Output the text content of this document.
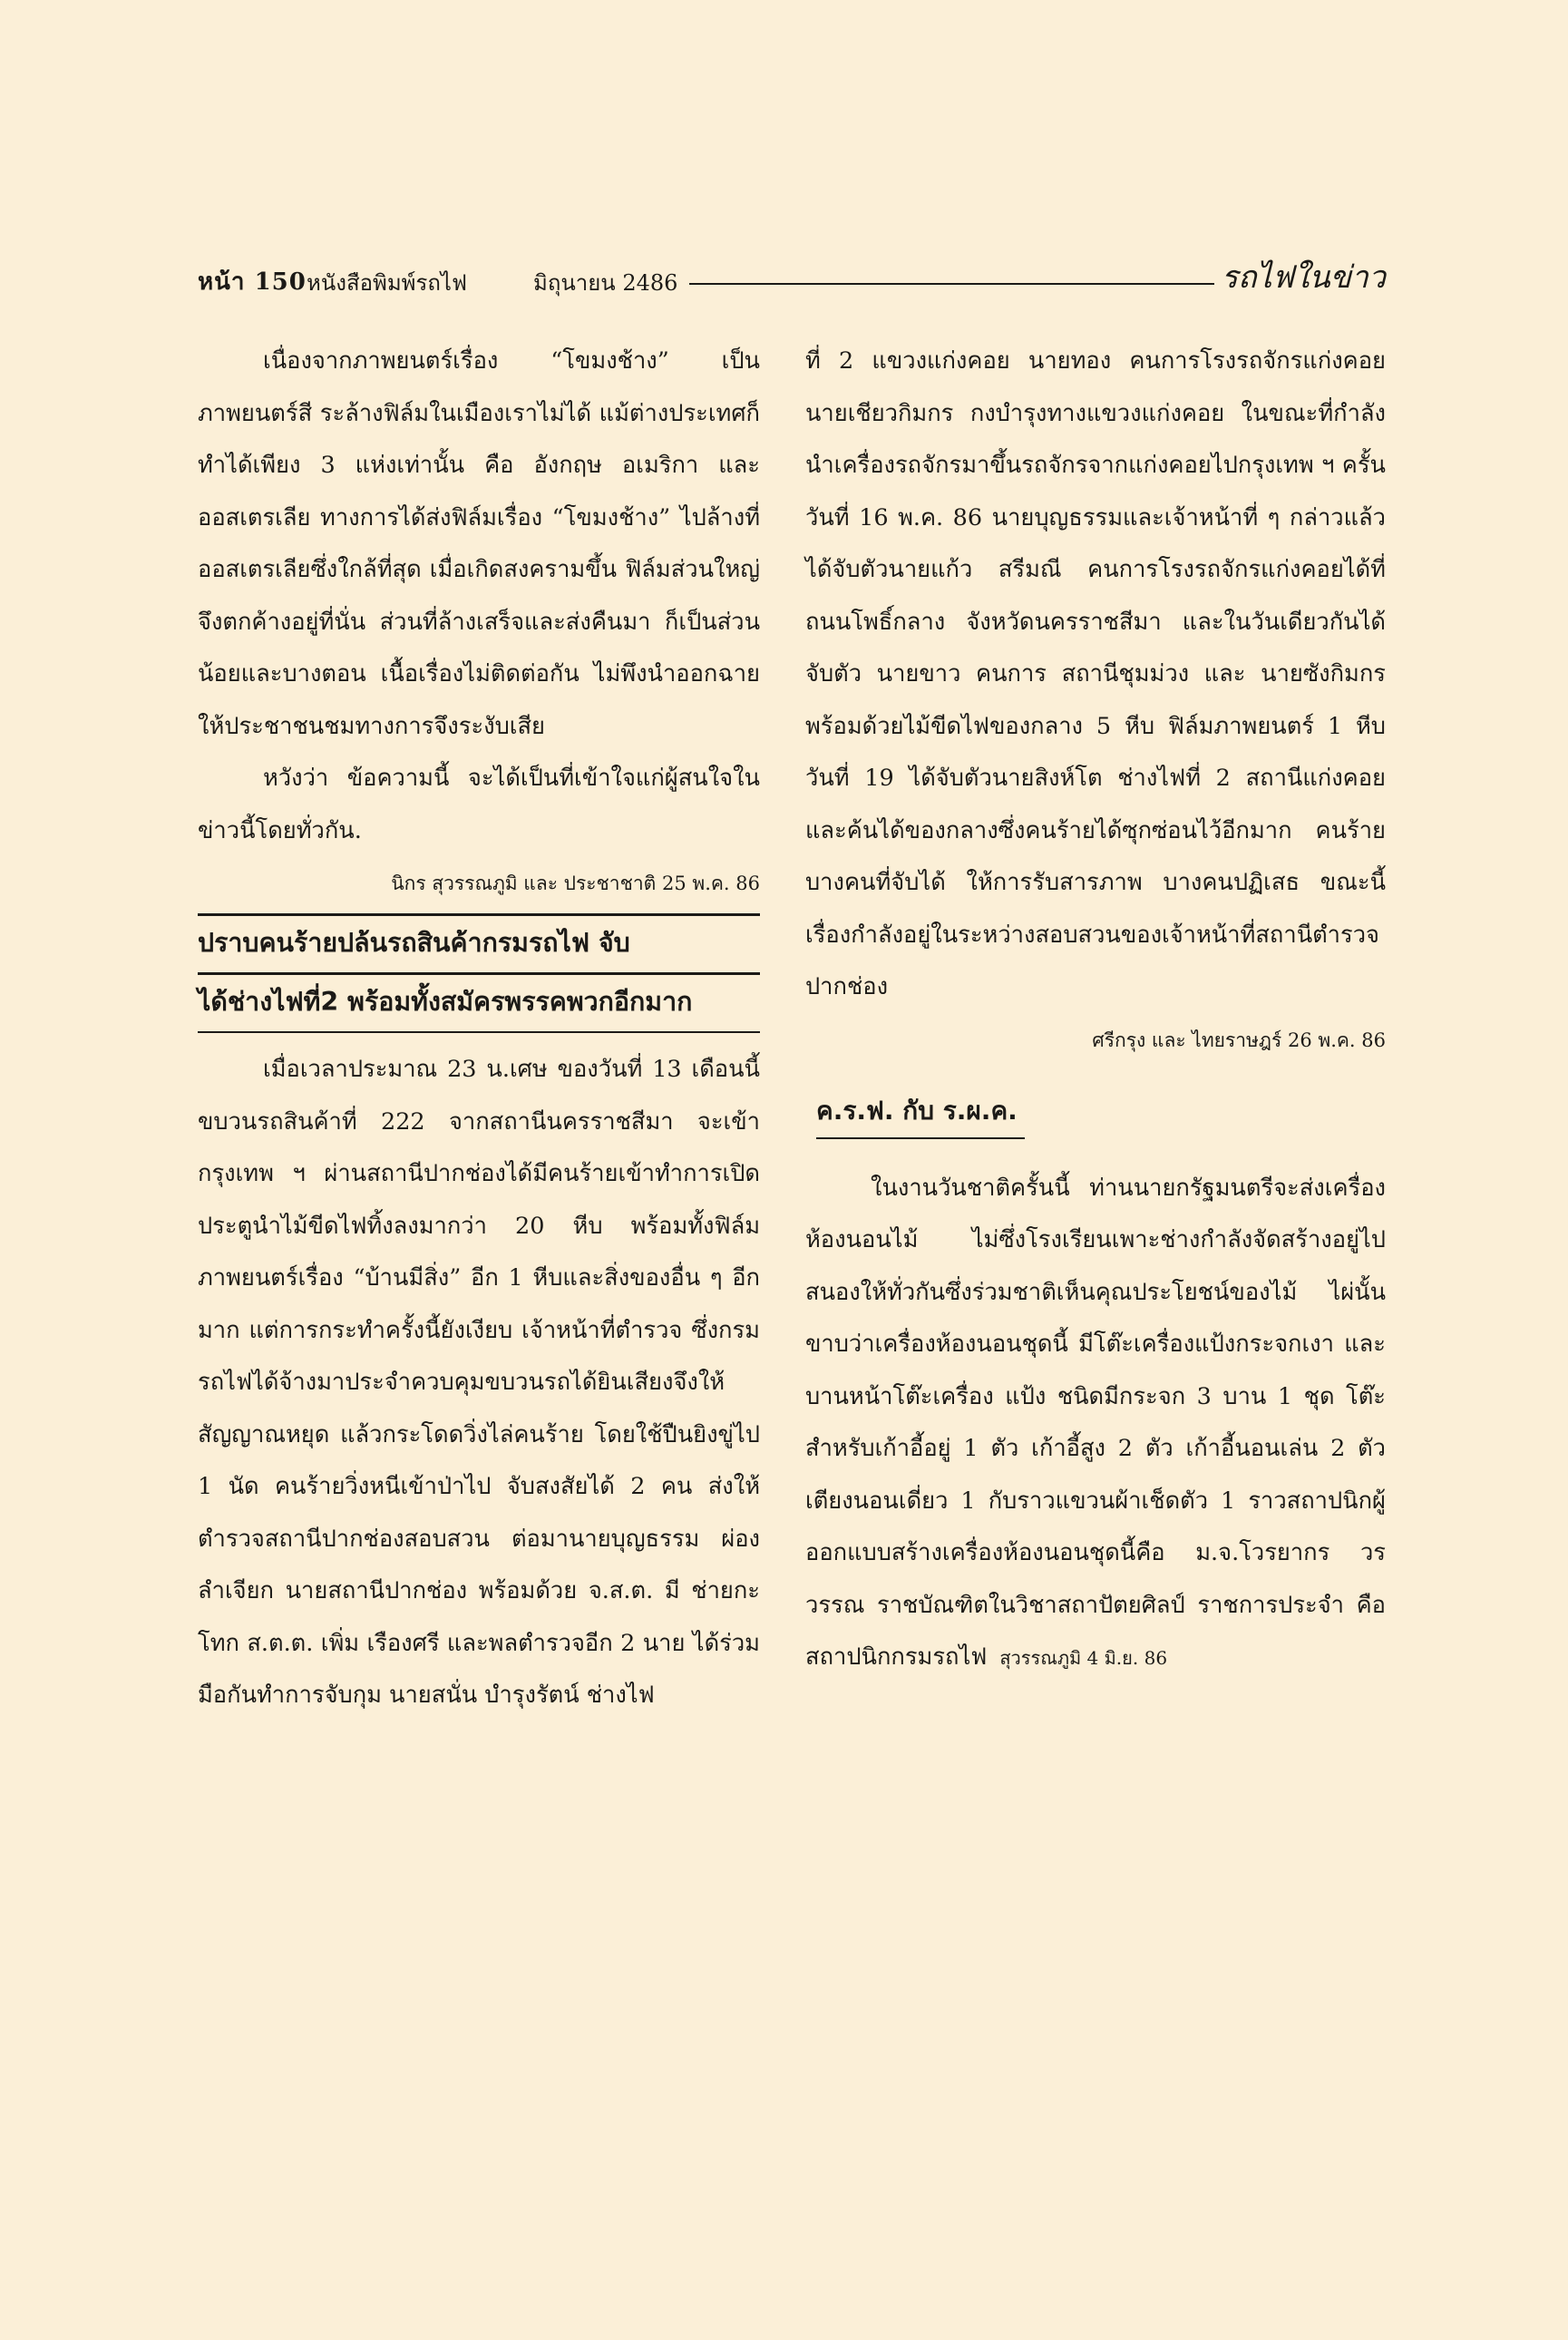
หน้า 150 หนังสือพิมพ์รถไฟ	มิถุนายน 2486	รถไฟในข่าว

เนื่องจากภาพยนตร์เรื่อง “โขมงช้าง” เป็นภาพยนตร์สี ระล้างฟิล์มในเมืองเราไม่ได้ แม้ต่างประเทศก็ทำได้เพียง 3 แห่งเท่านั้น คือ อังกฤษ อเมริกา และออสเตรเลีย ทางการได้ส่งฟิล์มเรื่อง “โขมงช้าง” ไปล้างที่ออสเตรเลียซึ่งใกล้ที่สุด เมื่อเกิดสงครามขึ้น ฟิล์มส่วนใหญ่จึงตกค้างอยู่ที่นั่น ส่วนที่ล้างเสร็จและส่งคืนมา ก็เป็นส่วนน้อยและบางตอน เนื้อเรื่องไม่ติดต่อกัน ไม่พึงนำออกฉายให้ประชาชนชมทางการจึงระงับเสีย

หวังว่า ข้อความนี้ จะได้เป็นที่เข้าใจแก่ผู้สนใจในข่าวนี้โดยทั่วกัน.

นิกร สุวรรณภูมิ และ ประชาชาติ 25 พ.ค. 86

ปราบคนร้ายปล้นรถสินค้ากรมรถไฟ จับ

ได้ช่างไฟที่2 พร้อมทั้งสมัครพรรคพวกอีกมาก

เมื่อเวลาประมาณ 23 น.เศษ ของวันที่ 13 เดือนนี้ ขบวนรถสินค้าที่ 222 จากสถานีนครราชสีมา จะเข้ากรุงเทพ ฯ ผ่านสถานีปากช่องได้มีคนร้ายเข้าทำการเปิดประตูนำไม้ขีดไฟทิ้งลงมากว่า 20 หีบ พร้อมทั้งฟิล์มภาพยนตร์เรื่อง “บ้านมีสิ่ง” อีก 1 หีบและสิ่งของอื่น ๆ อีกมาก แต่การกระทำครั้งนี้ยังเงียบ เจ้าหน้าที่ตำรวจ ซึ่งกรมรถไฟได้จ้างมาประจำควบคุมขบวนรถได้ยินเสียงจึงให้สัญญาณหยุด แล้วกระโดดวิ่งไล่คนร้าย โดยใช้ปืนยิงขู่ไป 1 นัด คนร้ายวิ่งหนีเข้าป่าไป จับสงสัยได้ 2 คน ส่งให้ตำรวจสถานีปากช่องสอบสวน ต่อมานายบุญธรรม ผ่องลำเจียก นายสถานีปากช่อง พร้อมด้วย จ.ส.ต. มี ช่ายกะโทก ส.ต.ต. เพิ่ม เรืองศรี และพลตำรวจอีก 2 นาย ได้ร่วมมือกันทำการจับกุม นายสนั่น บำรุงรัตน์ ช่างไฟ

ที่ 2 แขวงแก่งคอย นายทอง คนการโรงรถจักรแก่งคอย นายเชียวกิมกร กงบำรุงทางแขวงแก่งคอย ในขณะที่กำลังนำเครื่องรถจักรมาขึ้นรถจักรจากแก่งคอยไปกรุงเทพ ฯ ครั้นวันที่ 16 พ.ค. 86 นายบุญธรรมและเจ้าหน้าที่ ๆ กล่าวแล้ว ได้จับตัวนายแก้ว สรีมณี คนการโรงรถจักรแก่งคอยได้ที่ถนนโพธิ์กลาง จังหวัดนครราชสีมา และในวันเดียวกันได้จับตัว นายขาว คนการ สถานีชุมม่วง และ นายซังกิมกร พร้อมด้วยไม้ขีดไฟของกลาง 5 หีบ ฟิล์มภาพยนตร์ 1 หีบ วันที่ 19 ได้จับตัวนายสิงห์โต ช่างไฟที่ 2 สถานีแก่งคอย และค้นได้ของกลางซึ่งคนร้ายได้ซุกซ่อนไว้อีกมาก คนร้ายบางคนที่จับได้ ให้การรับสารภาพ บางคนปฏิเสธ ขณะนี้เรื่องกำลังอยู่ในระหว่างสอบสวนของเจ้าหน้าที่สถานีตำรวจปากช่อง

ศรีกรุง และ ไทยราษฎร์ 26 พ.ค. 86

ค.ร.ฟ. กับ ร.ผ.ค.

ในงานวันชาติครั้นนี้ ท่านนายกรัฐมนตรีจะส่งเครื่องห้องนอนไม้ ไม่ซึ่งโรงเรียนเพาะช่างกำลังจัดสร้างอยู่ไปสนองให้ทั่วกันซึ่งร่วมชาติเห็นคุณประโยชน์ของไม้ ไผ่นั้น ขาบว่าเครื่องห้องนอนชุดนี้ มีโต๊ะเครื่องแป้งกระจกเงา และบานหน้าโต๊ะเครื่อง แป้ง ชนิดมีกระจก 3 บาน 1 ชุด โต๊ะสำหรับเก้าอี้อยู่ 1 ตัว เก้าอี้สูง 2 ตัว เก้าอี้นอนเล่น 2 ตัว เตียงนอนเดี่ยว 1 กับราวแขวนผ้าเช็ดตัว 1 ราวสถาปนิกผู้ออกแบบสร้างเครื่องห้องนอนชุดนี้คือ ม.จ.โวรยากร วรวรรณ ราชบัณฑิตในวิชาสถาปัตยศิลป์ ราชการประจำ คือ สถาปนิกกรมรถไฟ สุวรรณภูมิ 4 มิ.ย. 86
